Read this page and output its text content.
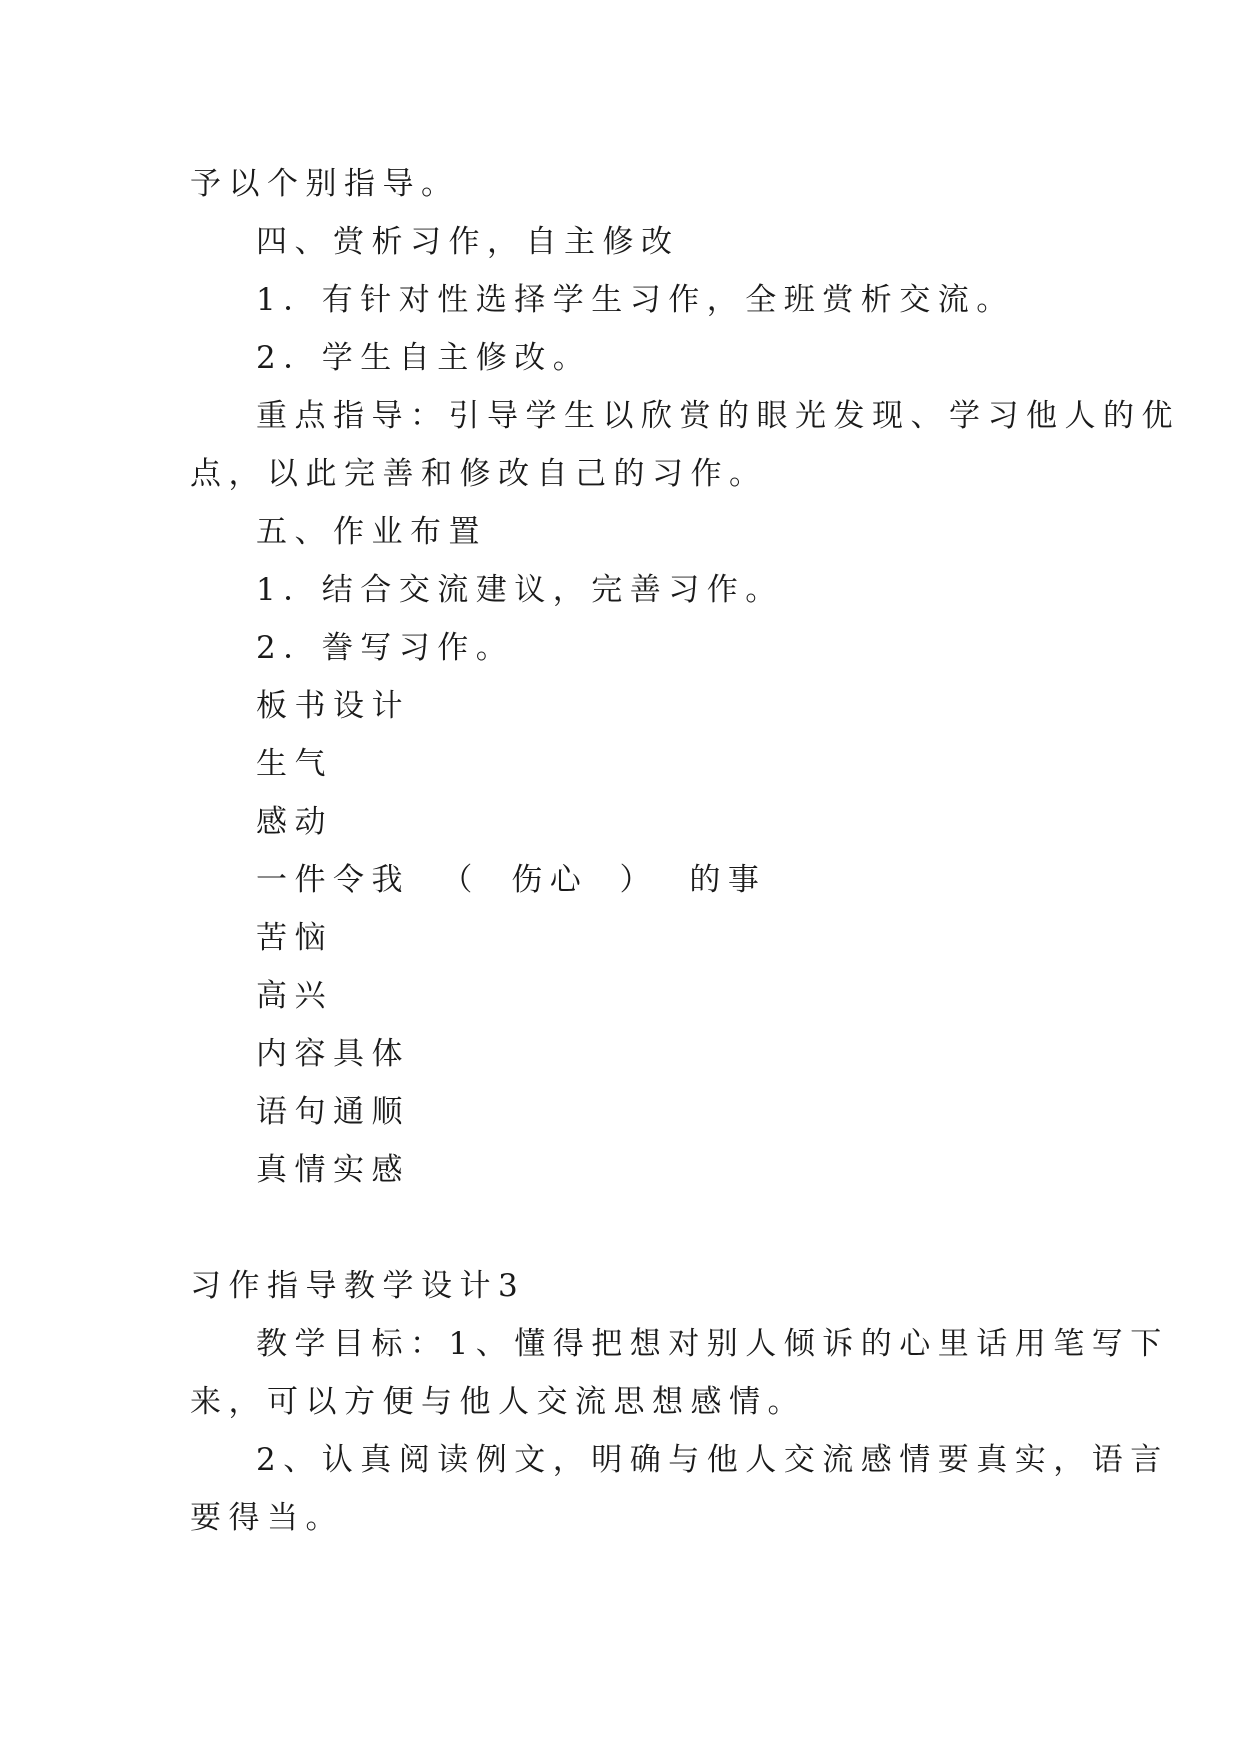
予以个别指导。
四、赏析习作，自主修改
1．有针对性选择学生习作，全班赏析交流。
2．学生自主修改。
重点指导：引导学生以欣赏的眼光发现、学习他人的优
点，以此完善和修改自己的习作。
五、作业布置
1．结合交流建议，完善习作。
2．誊写习作。
板书设计
生气
感动
一件令我 （ 伤心 ） 的事
苦恼
高兴
内容具体
语句通顺
真情实感
习作指导教学设计3
教学目标：1、懂得把想对别人倾诉的心里话用笔写下
来，可以方便与他人交流思想感情。
2、认真阅读例文，明确与他人交流感情要真实，语言
要得当。
